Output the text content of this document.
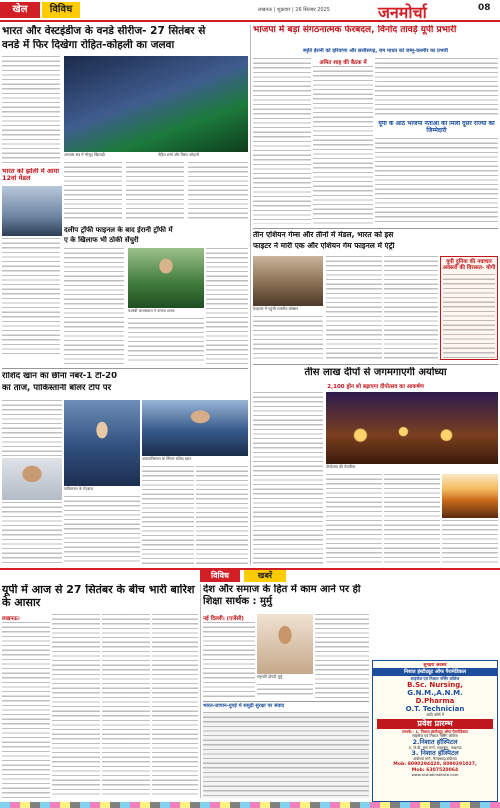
खेल	विविध	लखनऊ | शुक्रवार | 26 सितंबर 2025	जनमोर्चा	08
भारत और वेस्टइंडीज के वनडे सीरीज- 27 सितंबर से
वनडे में फिर दिखेगा रोहित-कोहली का जलवा
भारत को झोली में आया 12वां मेडल
अभ्यास सत्र में मौजूद खिलाड़ी	रोहित शर्मा और विराट कोहली
दलीप ट्रॉफी फाइनल के बाद ईरानी ट्रॉफी में
ए के खिलाफ भी ठोकी सेंचुरी
यशस्वी जायसवाल ने बनाया शतक
राशिद खान का छीना नंबर-1 टी-20
का ताज, पाकिस्तानी बॉलर टॉप पर
पाकिस्तान के गेंदबाज
अफगानिस्तान के स्पिनर राशिद खान
भाजपा में बड़ा संगठनात्मक फेरबदल, विनोद तावड़े यूपी प्रभारी
स्मृति ईरानी को हरियाणा और छत्तीसगढ़, राम माधव को जम्मू-कश्मीर का प्रभारी
अमित शाह की बैठक में
यूपी के आठ भाजपा नेताओं को मिली दूसरे राज्यों की जिम्मेदारी
तीन एशियन गेम्स और तीनों में मेडल, भारत को इस
फाइटर ने मारी एक और एशियन गेम फाइनल में एंट्री
फाइनल में पहुंची भारतीय बॉक्सर
यूपी दुनिया की नवाचार
अवसरों की विरासत- योगी
तीस लाख दीपों से जगमगाएगी अयोध्या
2,100 ड्रोन शो बढ़ाएगा दीपोत्सव का आकर्षण
दीपोत्सव की तैयारियां
विविध	खबरें
यूपी में आज से 27 सितंबर के बीच भारी बारिश के आसार
लखनऊ।
देश और समाज के हित में काम आने पर ही शिक्षा सार्थक : मुर्मु
नई दिल्ली। (एजेंसी)
राष्ट्रपति द्रौपदी मुर्मु
भारत-जापान-युएई में समुद्री सुरक्षा पर संवाद
सुनहरा अवसर
निशात इंस्टीट्यूट ऑफ पैरामेडिकल
साइंसेज एवं निशात नर्सिंग कॉलेज
B.Sc. Nursing,
G.N.M.,A.N.M.
D.Pharma
O.T. Technician
आदि कोर्स में
प्रवेश प्रारम्भ
सम्पर्क:- 1. निशात इंस्टीट्यूट ऑफ पैरामेडिकल
साइंसेज एवं निशात नर्सिंग कॉलेज
2.निशात हॉस्पिटल
3, जे.डी. बाग मार्ग, लालबाग, लखनऊ
3. निशात हॉस्पिटल
अयोध्या मार्ग, फैजाबाद/अयोध्या
Mob: 8090294420, 8090291027,
Mob: 6307520064
www.nishatinstitute.com
